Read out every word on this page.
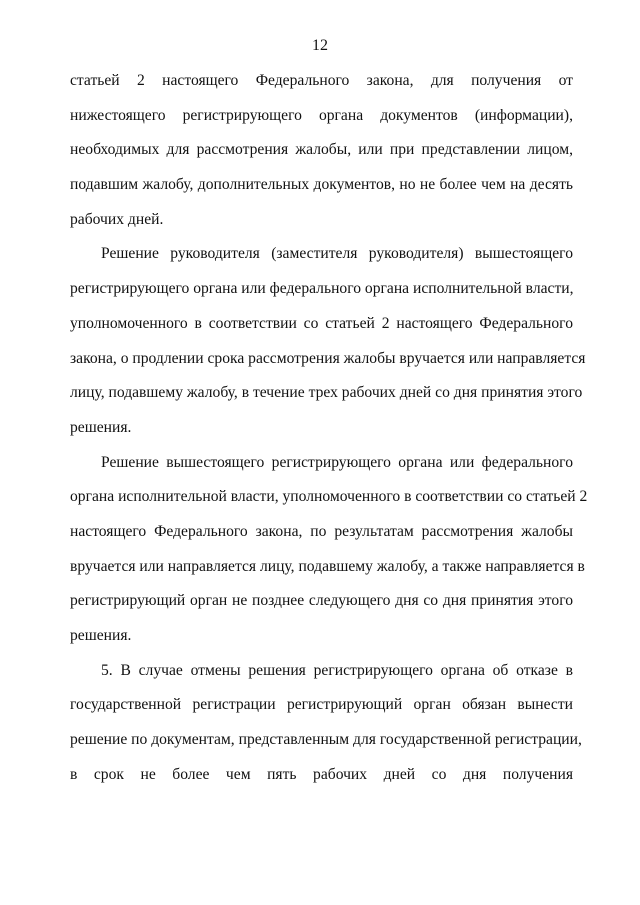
12
статьей 2 настоящего Федерального закона, для получения от
нижестоящего регистрирующего органа документов (информации),
необходимых для рассмотрения жалобы, или при представлении лицом,
подавшим жалобу, дополнительных документов, но не более чем на десять
рабочих дней.
Решение руководителя (заместителя руководителя) вышестоящего
регистрирующего органа или федерального органа исполнительной власти,
уполномоченного в соответствии со статьей 2 настоящего Федерального
закона, о продлении срока рассмотрения жалобы вручается или направляется
лицу, подавшему жалобу, в течение трех рабочих дней со дня принятия этого
решения.
Решение вышестоящего регистрирующего органа или федерального
органа исполнительной власти, уполномоченного в соответствии со статьей 2
настоящего Федерального закона, по результатам рассмотрения жалобы
вручается или направляется лицу, подавшему жалобу, а также направляется в
регистрирующий орган не позднее следующего дня со дня принятия этого
решения.
5. В случае отмены решения регистрирующего органа об отказе в
государственной регистрации регистрирующий орган обязан вынести
решение по документам, представленным для государственной регистрации,
в срок не более чем пять рабочих дней со дня получения
